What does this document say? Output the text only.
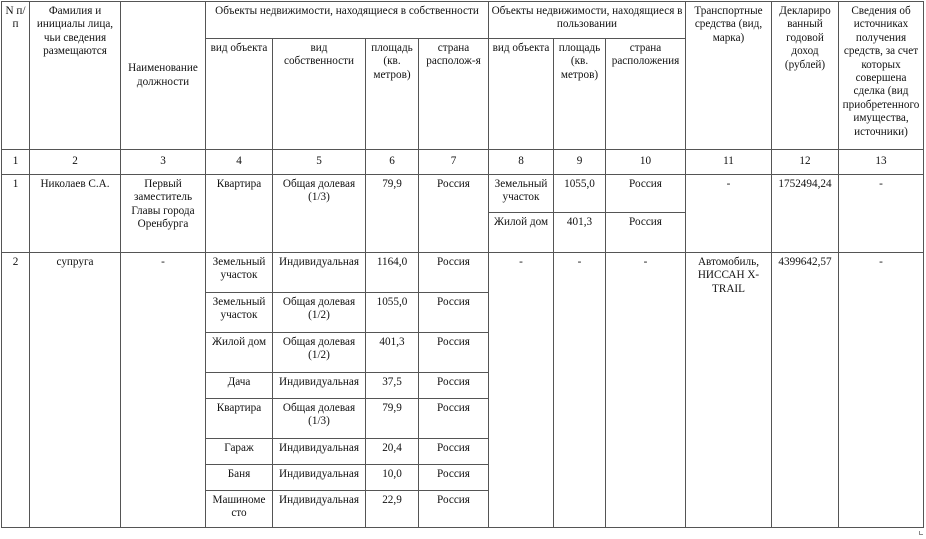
N п/п	Фамилия и инициалы лица, чьи сведения размещаются	Наименование должности	Объекты недвижимости, находящиеся в собственности				Объекты недвижимости, находящиеся в пользовании			Транспортные средства (вид, марка)	Деклариро ванный годовой доход (рублей)	Сведения об источниках получения средств, за счет которых совершена сделка (вид приобретенного имущества, источники)
			вид объекта	вид собственности	площадь (кв. метров)	страна располож-я	вид объекта	площадь (кв. метров)	страна расположения			
1	2	3	4	5	6	7	8	9	10	11	12	13
1	Николаев С.А.	Первый заместитель Главы города Оренбурга	Квартира	Общая долевая (1/3)	79,9	Россия	Земельный участок	1055,0	Россия	-	1752494,24	-
							Жилой дом	401,3	Россия			
2	супруга	-	Земельный участок	Индивидуальная	1164,0	Россия	-	-	-	Автомобиль, НИССАН X-TRAIL	4399642,57	-
			Земельный участок	Общая долевая (1/2)	1055,0	Россия						
			Жилой дом	Общая долевая (1/2)	401,3	Россия						
			Дача	Индивидуальная	37,5	Россия						
			Квартира	Общая долевая (1/3)	79,9	Россия						
			Гараж	Индивидуальная	20,4	Россия						
			Баня	Индивидуальная	10,0	Россия						
			Машиноме сто	Индивидуальная	22,9	Россия						
